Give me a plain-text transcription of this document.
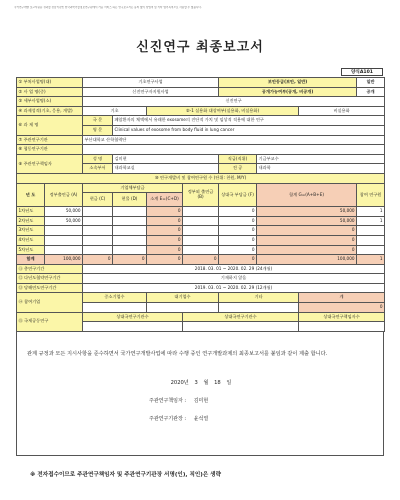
국가연구개발 보고서원문 성과물 전담기관인 한국과학기술정보연구원에서 가공 서비스 하는 연구보고서는 동의 없이 상업적 및 기타 영리목적으로 사용할 수 없습니다.
신진연구 최종보고서
양식A101
① 부처사업명(대)		기초연구사업				보안등급(보안, 일반)			일반
② 사 업 명(중)		신진연구자지원사업				공개가능여부(공개, 비공개)			공개
③ 세부사업명(소)		신진연구							
④ 과제성격(기초, 응용, 개발)		기초		⑤-1 실용화 대상여부(실용화, 비실용화)				비실용화	
⑥ 과 제 명		국 문	폐암환자의 체액에서 유래한 exosome의 진단적 가치 및 임상적 적용에 대한 연구						
		영 문	Clinical values of exosome from body fluid in lung cancer						
⑦ 주관연구기관		부산대학교 산학협력단							
⑧ 협동연구기관									
⑨ 주관연구책임자		성 명	김미현			직급(직위)	기금부교수		
		소속부서	내과학교실			전 공	내과학		
⑩ 연구개발비 및 참여연구원 수 (단위: 천원, M/Y)									
년 도	정부출연금 (A)	기업체부담금			정부외 출연금 (B)	상대국 부담금 (F)	합계 G=(A+B+E)		참여 연구원
		현금 (C)	현물 (D)	소계 E=(C+D)					
1차년도	50,000			0		0	50,000		1
2차년도	50,000			0		0	50,000		1
3차년도				0		0	0		
4차년도				0		0	0		
5차년도				0		0	0		
합계	100,000	0	0	0	0	0	100,000		1
⑪ 총연구기간		2018. 03. 01 ~ 2020. 02. 29 (24개월)							
⑫ 다년도협약연구기간		기재하지 않음							
⑬ 당해연도연구기간		2019. 03. 01 ~ 2020. 02. 29 (12개월)							
⑭ 참여기업		중소기업수		대기업수		기타		계	
								0	
⑮ 국제공동연구		상대국연구기관수			상대국연구기관수			상대국연구책임자수	

관계 규정과 모든 지시사항을 준수하면서 국가연구개발사업에 따라 수행 중인 연구개발과제의 최종보고서를 붙임과 같이 제출 합니다.
2020년 3 월 18 일
주관연구책임자 : 김미현
주관연구기관장 : 윤석열
※ 전자접수이므로 주관연구책임자 및 주관연구기관장 서명(인), 직인)은 생략
